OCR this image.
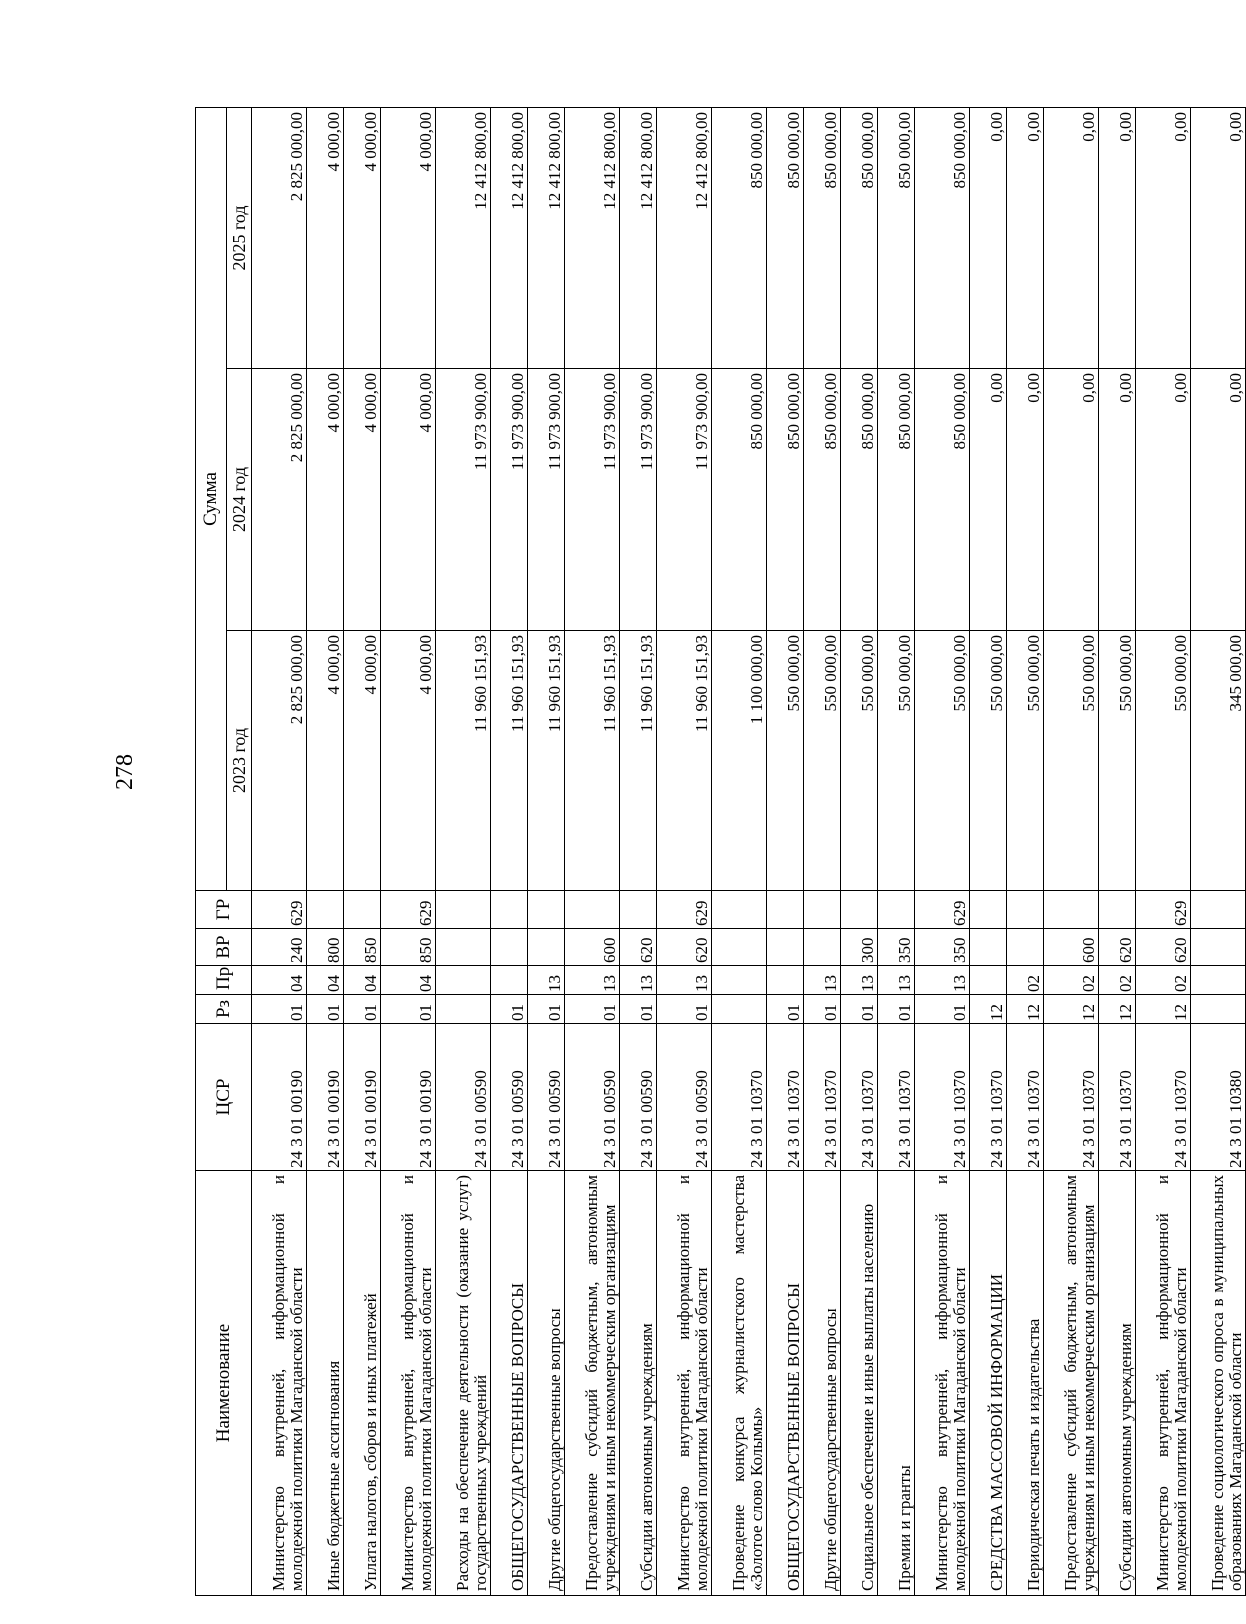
278
Наименование	ЦСР	Рз	Пр	ВР	ГР	Сумма		
						2023 год	2024 год	2025 год
Министерство внутренней, информационной и молодежной политики Магаданской области	24 3 01 00190	01	04	240	629	2 825 000,00	2 825 000,00	2 825 000,00
Иные бюджетные ассигнования	24 3 01 00190	01	04	800		4 000,00	4 000,00	4 000,00
Уплата налогов, сборов и иных платежей	24 3 01 00190	01	04	850		4 000,00	4 000,00	4 000,00
Министерство внутренней, информационной и молодежной политики Магаданской области	24 3 01 00190	01	04	850	629	4 000,00	4 000,00	4 000,00
Расходы на обеспечение деятельности (оказание услуг) государственных учреждений	24 3 01 00590					11 960 151,93	11 973 900,00	12 412 800,00
ОБЩЕГОСУДАРСТВЕННЫЕ ВОПРОСЫ	24 3 01 00590	01				11 960 151,93	11 973 900,00	12 412 800,00
Другие общегосударственные вопросы	24 3 01 00590	01	13			11 960 151,93	11 973 900,00	12 412 800,00
Предоставление субсидий бюджетным, автономным учреждениям и иным некоммерческим организациям	24 3 01 00590	01	13	600		11 960 151,93	11 973 900,00	12 412 800,00
Субсидии автономным учреждениям	24 3 01 00590	01	13	620		11 960 151,93	11 973 900,00	12 412 800,00
Министерство внутренней, информационной и молодежной политики Магаданской области	24 3 01 00590	01	13	620	629	11 960 151,93	11 973 900,00	12 412 800,00
Проведение конкурса журналистского мастерства «Золотое слово Колымы»	24 3 01 10370					1 100 000,00	850 000,00	850 000,00
ОБЩЕГОСУДАРСТВЕННЫЕ ВОПРОСЫ	24 3 01 10370	01				550 000,00	850 000,00	850 000,00
Другие общегосударственные вопросы	24 3 01 10370	01	13			550 000,00	850 000,00	850 000,00
Социальное обеспечение и иные выплаты населению	24 3 01 10370	01	13	300		550 000,00	850 000,00	850 000,00
Премии и гранты	24 3 01 10370	01	13	350		550 000,00	850 000,00	850 000,00
Министерство внутренней, информационной и молодежной политики Магаданской области	24 3 01 10370	01	13	350	629	550 000,00	850 000,00	850 000,00
СРЕДСТВА МАССОВОЙ ИНФОРМАЦИИ	24 3 01 10370	12				550 000,00	0,00	0,00
Периодическая печать и издательства	24 3 01 10370	12	02			550 000,00	0,00	0,00
Предоставление субсидий бюджетным, автономным учреждениям и иным некоммерческим организациям	24 3 01 10370	12	02	600		550 000,00	0,00	0,00
Субсидии автономным учреждениям	24 3 01 10370	12	02	620		550 000,00	0,00	0,00
Министерство внутренней, информационной и молодежной политики Магаданской области	24 3 01 10370	12	02	620	629	550 000,00	0,00	0,00
Проведение социологического опроса в муниципальных образованиях Магаданской области	24 3 01 10380					345 000,00	0,00	0,00
